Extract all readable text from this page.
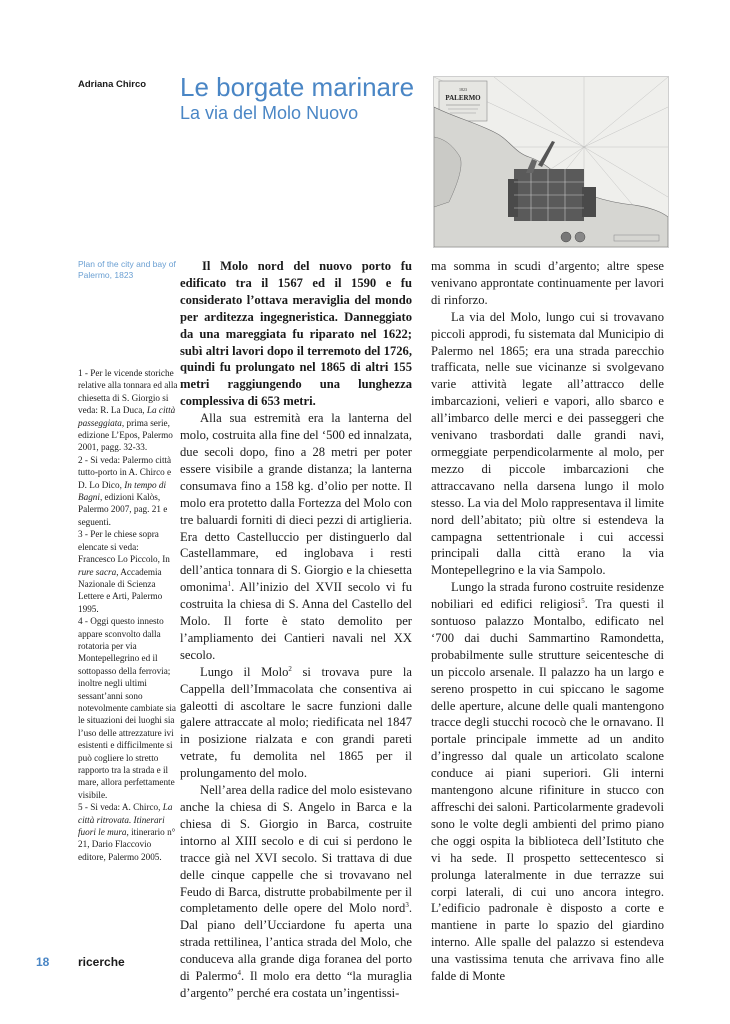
Adriana Chirco Le borgate marinare
La via del Molo Nuovo
1823
PALERMO
Plan of the city and bay of Palermo, 1823

1 - Per le vicende storiche relative alla tonnara ed alla chiesetta di S. Giorgio si veda: R. La Duca, La città passeggiata, prima serie, edizione L’Epos, Palermo 2001, pagg. 32-33.

2 - Si veda: Palermo città tutto-porto in A. Chirco e D. Lo Dico, In tempo di Bagni, edizioni Kalòs, Palermo 2007, pag. 21 e seguenti.

3 - Per le chiese sopra elencate si veda: Francesco Lo Piccolo, In rure sacra, Accademia Nazionale di Scienza Lettere e Arti, Palermo 1995.

4 - Oggi questo innesto appare sconvolto dalla rotatoria per via Montepellegrino ed il sottopasso della ferrovia; inoltre negli ultimi sessant’anni sono notevolmente cambiate sia le situazioni dei luoghi sia l’uso delle attrezzature ivi esistenti e difficilmente si può cogliere lo stretto rapporto tra la strada e il mare, allora perfettamente visibile.

5 - Si veda: A. Chirco, La città ritrovata. Itinerari fuori le mura, itinerario n° 21, Dario Flaccovio editore, Palermo 2005.

Il Molo nord del nuovo porto fu edificato tra il 1567 ed il 1590 e fu considerato l’ottava meraviglia del mondo per arditezza ingegneristica. Danneggiato da una mareggiata fu riparato nel 1622; subì altri lavori dopo il terremoto del 1726, quindi fu prolungato nel 1865 di altri 155 metri raggiungendo una lunghezza complessiva di 653 metri.

Alla sua estremità era la lanterna del molo, costruita alla fine del ‘500 ed innalzata, due secoli dopo, fino a 28 metri per poter essere visibile a grande distanza; la lanterna consumava fino a 158 kg. d’olio per notte. Il molo era protetto dalla Fortezza del Molo con tre baluardi forniti di dieci pezzi di artiglieria. Era detto Castelluccio per distinguerlo dal Castellammare, ed inglobava i resti dell’antica tonnara di S. Giorgio e la chiesetta omonima$^1$. All’inizio del XVII secolo vi fu costruita la chiesa di S. Anna del Castello del Molo. Il forte è stato demolito per l’ampliamento dei Cantieri navali nel XX secolo.

Lungo il Molo$^2$ si trovava pure la Cappella dell’Immacolata che consentiva ai galeotti di ascoltare le sacre funzioni dalle galere attraccate al molo; riedificata nel 1847 in posizione rialzata e con grandi pareti vetrate, fu demolita nel 1865 per il prolungamento del molo.

Nell’area della radice del molo esistevano anche la chiesa di S. Angelo in Barca e la chiesa di S. Giorgio in Barca, costruite intorno al XIII secolo e di cui si perdono le tracce già nel XVI secolo. Si trattava di due delle cinque cappelle che si trovavano nel Feudo di Barca, distrutte probabilmente per il completamento delle opere del Molo nord$^3$. Dal piano dell’Ucciardone fu aperta una strada rettilinea, l’antica strada del Molo, che conduceva alla grande diga foranea del porto di Palermo$^4$. Il molo era detto “la muraglia d’argento” perché era costata un’ingentissi-

ma somma in scudi d’argento; altre spese venivano approntate continuamente per lavori di rinforzo.

La via del Molo, lungo cui si trovavano piccoli approdi, fu sistemata dal Municipio di Palermo nel 1865; era una strada parecchio trafficata, nelle sue vicinanze si svolgevano varie attività legate all’attracco delle imbarcazioni, velieri e vapori, allo sbarco e all’imbarco delle merci e dei passeggeri che venivano trasbordati dalle grandi navi, ormeggiate perpendicolarmente al molo, per mezzo di piccole imbarcazioni che attraccavano nella darsena lungo il molo stesso. La via del Molo rappresentava il limite nord dell’abitato; più oltre si estendeva la campagna settentrionale i cui accessi principali dalla città erano la via Montepellegrino e la via Sampolo.

Lungo la strada furono costruite residenze nobiliari ed edifici religiosi$^5$. Tra questi il sontuoso palazzo Montalbo, edificato nel ‘700 dai duchi Sammartino Ramondetta, probabilmente sulle strutture seicentesche di un piccolo arsenale. Il palazzo ha un largo e sereno prospetto in cui spiccano le sagome delle aperture, alcune delle quali mantengono tracce degli stucchi rococò che le ornavano. Il portale principale immette ad un andito d’ingresso dal quale un articolato scalone conduce ai piani superiori. Gli interni mantengono alcune rifiniture in stucco con affreschi dei saloni. Particolarmente gradevoli sono le volte degli ambienti del primo piano che oggi ospita la biblioteca dell’Istituto che vi ha sede. Il prospetto settecentesco si prolunga lateralmente in due terrazze sui corpi laterali, di cui uno ancora integro. L’edificio padronale è disposto a corte e mantiene in parte lo spazio del giardino interno. Alle spalle del palazzo si estendeva una vastissima tenuta che arrivava fino alle falde di Monte

18 ricerche
